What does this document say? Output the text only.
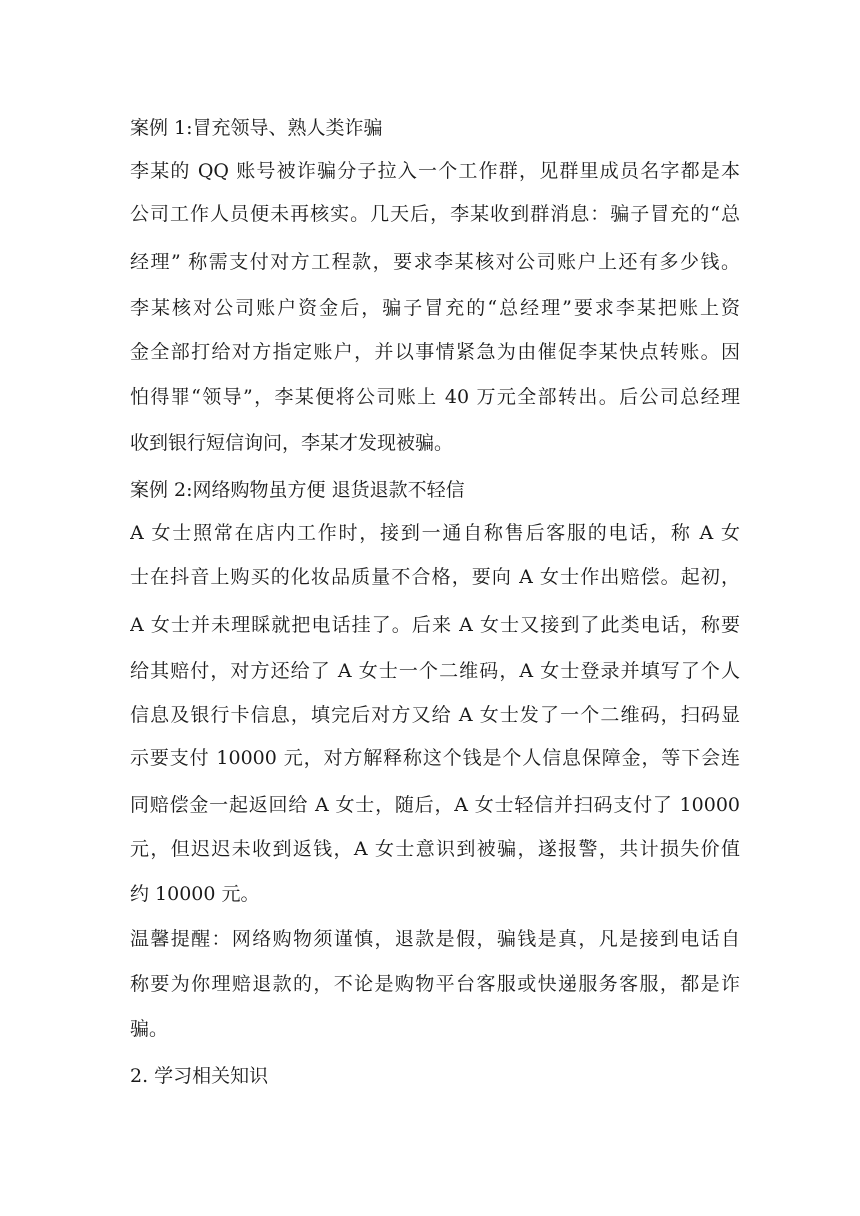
案例 1:冒充领导、熟人类诈骗
李某的 QQ 账号被诈骗分子拉入一个工作群，见群里成员名字都是本
公司工作人员便未再核实。几天后，李某收到群消息：骗子冒充的“总
经理” 称需支付对方工程款，要求李某核对公司账户上还有多少钱。
李某核对公司账户资金后，骗子冒充的“总经理”要求李某把账上资
金全部打给对方指定账户，并以事情紧急为由催促李某快点转账。因
怕得罪“领导”，李某便将公司账上 40 万元全部转出。后公司总经理
收到银行短信询问，李某才发现被骗。
案例 2:网络购物虽方便 退货退款不轻信
A 女士照常在店内工作时，接到一通自称售后客服的电话，称 A 女
士在抖音上购买的化妆品质量不合格，要向 A 女士作出赔偿。起初，
A 女士并未理睬就把电话挂了。后来 A 女士又接到了此类电话，称要
给其赔付，对方还给了 A 女士一个二维码，A 女士登录并填写了个人
信息及银行卡信息，填完后对方又给 A 女士发了一个二维码，扫码显
示要支付 10000 元，对方解释称这个钱是个人信息保障金，等下会连
同赔偿金一起返回给 A 女士，随后，A 女士轻信并扫码支付了 10000
元，但迟迟未收到返钱，A 女士意识到被骗，遂报警，共计损失价值
约 10000 元。
温馨提醒：网络购物须谨慎，退款是假，骗钱是真，凡是接到电话自
称要为你理赔退款的，不论是购物平台客服或快递服务客服，都是诈
骗。
2. 学习相关知识
